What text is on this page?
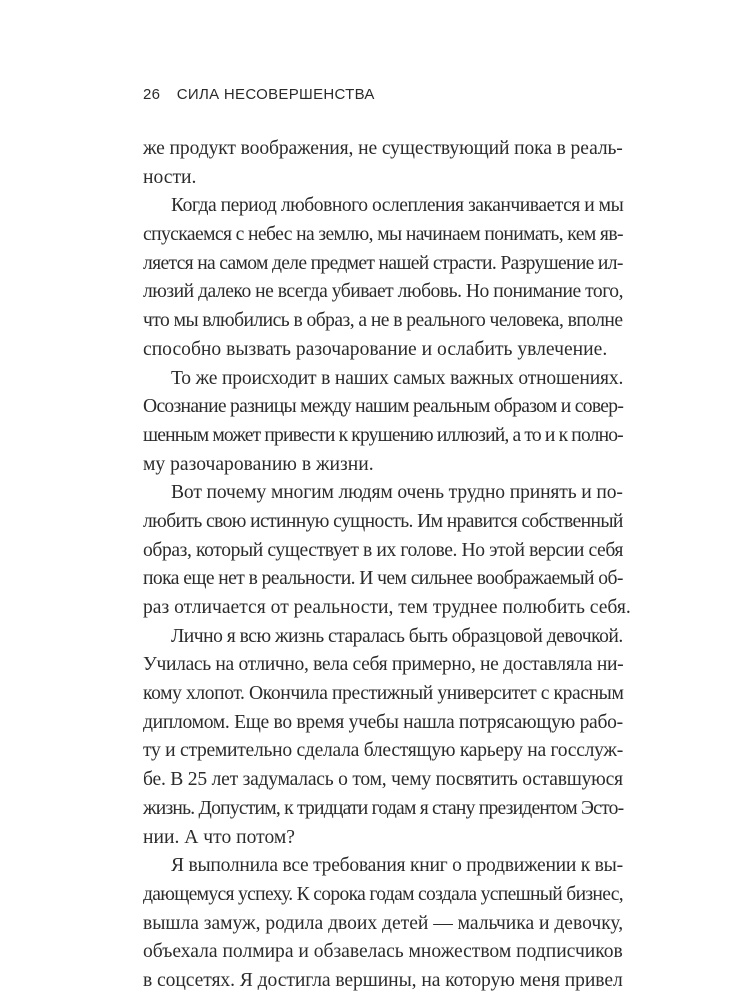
26 СИЛА НЕСОВЕРШЕНСТВА
же продукт воображения, не существующий пока в реаль-
ности.
Когда период любовного ослепления заканчивается и мы
спускаемся с небес на землю, мы начинаем понимать, кем яв-
ляется на самом деле предмет нашей страсти. Разрушение ил-
люзий далеко не всегда убивает любовь. Но понимание того,
что мы влюбились в образ, а не в реального человека, вполне
способно вызвать разочарование и ослабить увлечение.
То же происходит в наших самых важных отношениях.
Осознание разницы между нашим реальным образом и совер-
шенным может привести к крушению иллюзий, а то и к полно-
му разочарованию в жизни.
Вот почему многим людям очень трудно принять и по-
любить свою истинную сущность. Им нравится собственный
образ, который существует в их голове. Но этой версии себя
пока еще нет в реальности. И чем сильнее воображаемый об-
раз отличается от реальности, тем труднее полюбить себя.
Лично я всю жизнь старалась быть образцовой девочкой.
Училась на отлично, вела себя примерно, не доставляла ни-
кому хлопот. Окончила престижный университет с красным
дипломом. Еще во время учебы нашла потрясающую рабо-
ту и стремительно сделала блестящую карьеру на госслуж-
бе. В 25 лет задумалась о том, чему посвятить оставшуюся
жизнь. Допустим, к тридцати годам я стану президентом Эсто-
нии. А что потом?
Я выполнила все требования книг о продвижении к вы-
дающемуся успеху. К сорока годам создала успешный бизнес,
вышла замуж, родила двоих детей — мальчика и девочку,
объехала полмира и обзавелась множеством подписчиков
в соцсетях. Я достигла вершины, на которую меня привел
